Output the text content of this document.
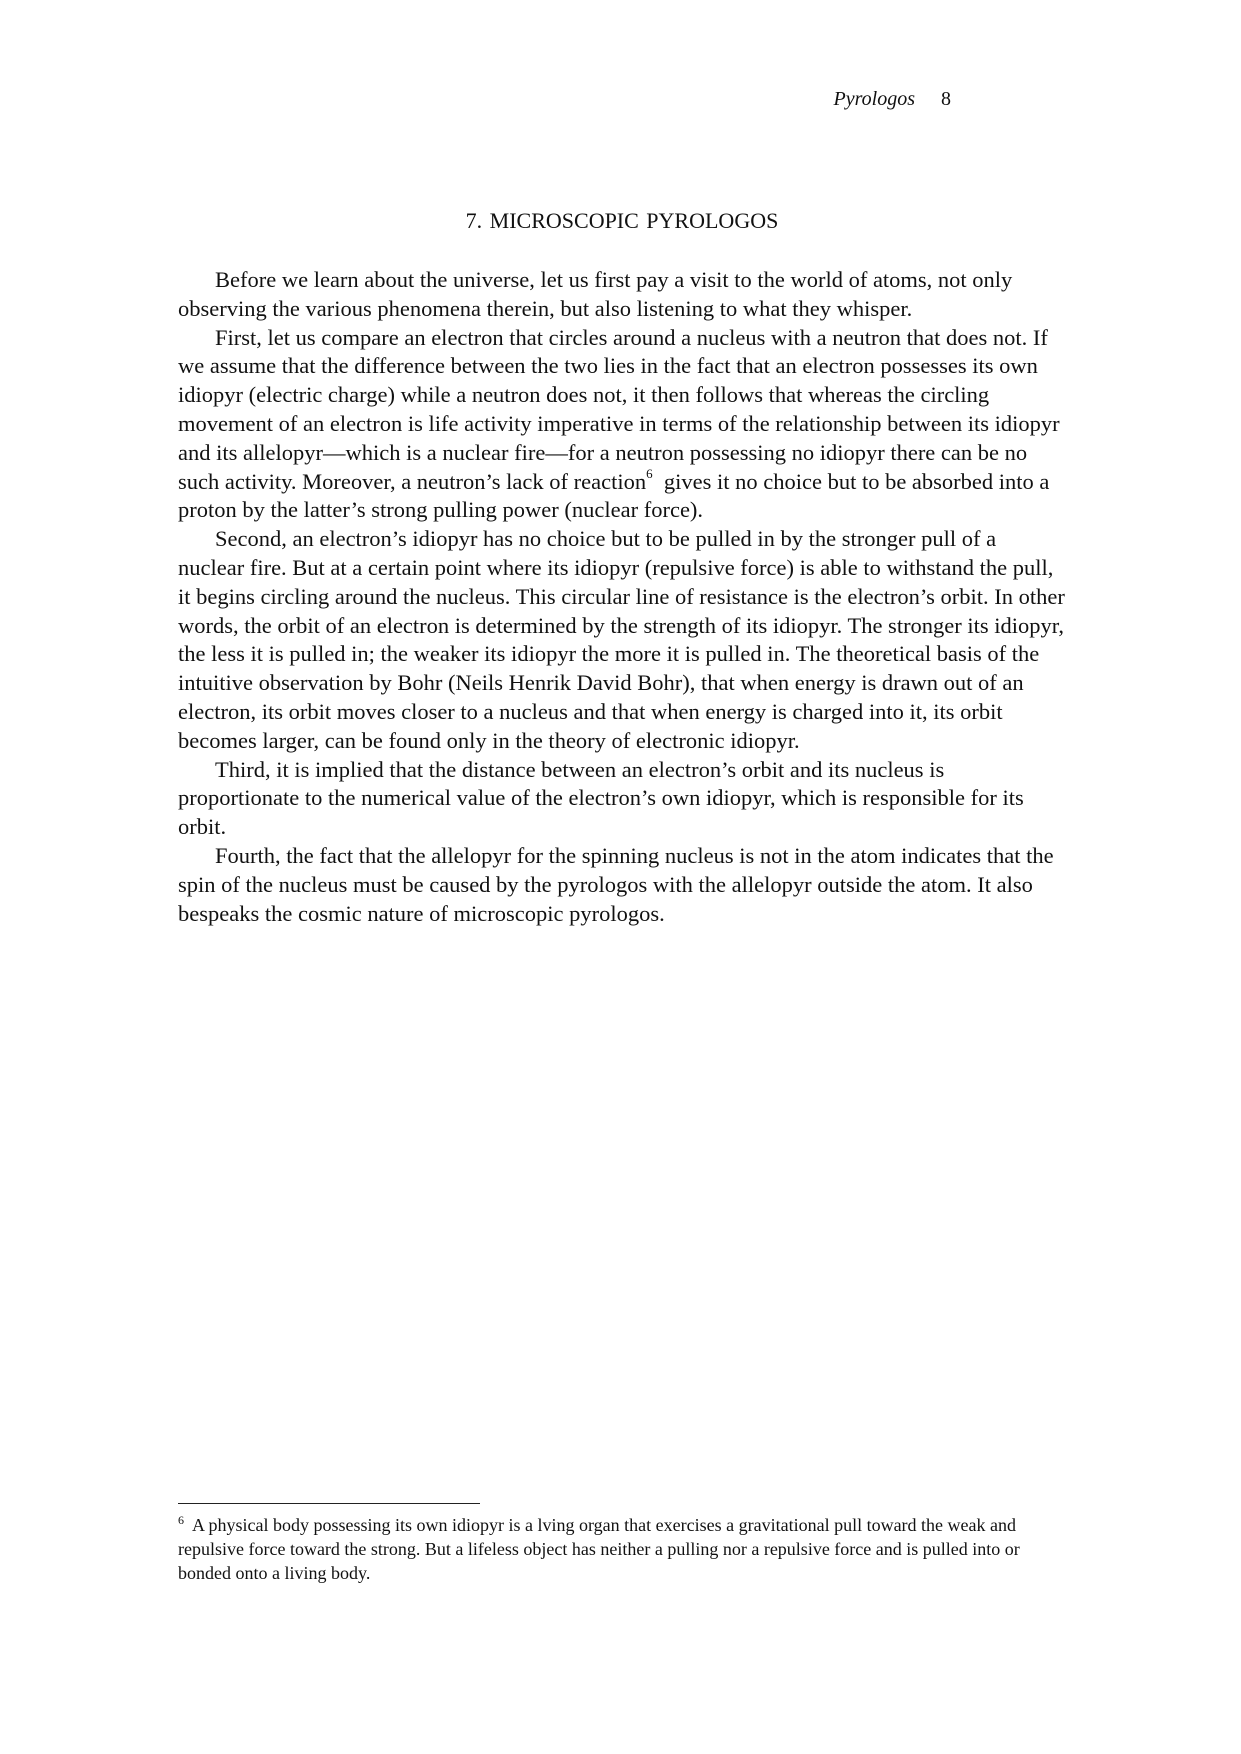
Pyrologos 8
7. MICROSCOPIC PYROLOGOS

Before we learn about the universe, let us first pay a visit to the world of atoms, not only observing the various phenomena therein, but also listening to what they whisper.

First, let us compare an electron that circles around a nucleus with a neutron that does not. If we assume that the difference between the two lies in the fact that an electron possesses its own idiopyr (electric charge) while a neutron does not, it then follows that whereas the circling movement of an electron is life activity imperative in terms of the relationship between its idiopyr and its allelopyr—which is a nuclear fire—for a neutron possessing no idiopyr there can be no such activity. Moreover, a neutron’s lack of reaction$^6$  gives it no choice but to be absorbed into a proton by the latter’s strong pulling power (nuclear force).

Second, an electron’s idiopyr has no choice but to be pulled in by the stronger pull of a nuclear fire. But at a certain point where its idiopyr (repulsive force) is able to withstand the pull, it begins circling around the nucleus. This circular line of resistance is the electron’s orbit. In other words, the orbit of an electron is determined by the strength of its idiopyr. The stronger its idiopyr, the less it is pulled in; the weaker its idiopyr the more it is pulled in. The theoretical basis of the intuitive observation by Bohr (Neils Henrik David Bohr), that when energy is drawn out of an electron, its orbit moves closer to a nucleus and that when energy is charged into it, its orbit becomes larger, can be found only in the theory of electronic idiopyr.

Third, it is implied that the distance between an electron’s orbit and its nucleus is proportionate to the numerical value of the electron’s own idiopyr, which is responsible for its orbit.

Fourth, the fact that the allelopyr for the spinning nucleus is not in the atom indicates that the spin of the nucleus must be caused by the pyrologos with the allelopyr outside the atom. It also bespeaks the cosmic nature of microscopic pyrologos.

$^6$ A physical body possessing its own idiopyr is a lving organ that exercises a gravitational pull toward the weak and repulsive force toward the strong. But a lifeless object has neither a pulling nor a repulsive force and is pulled into or bonded onto a living body.
